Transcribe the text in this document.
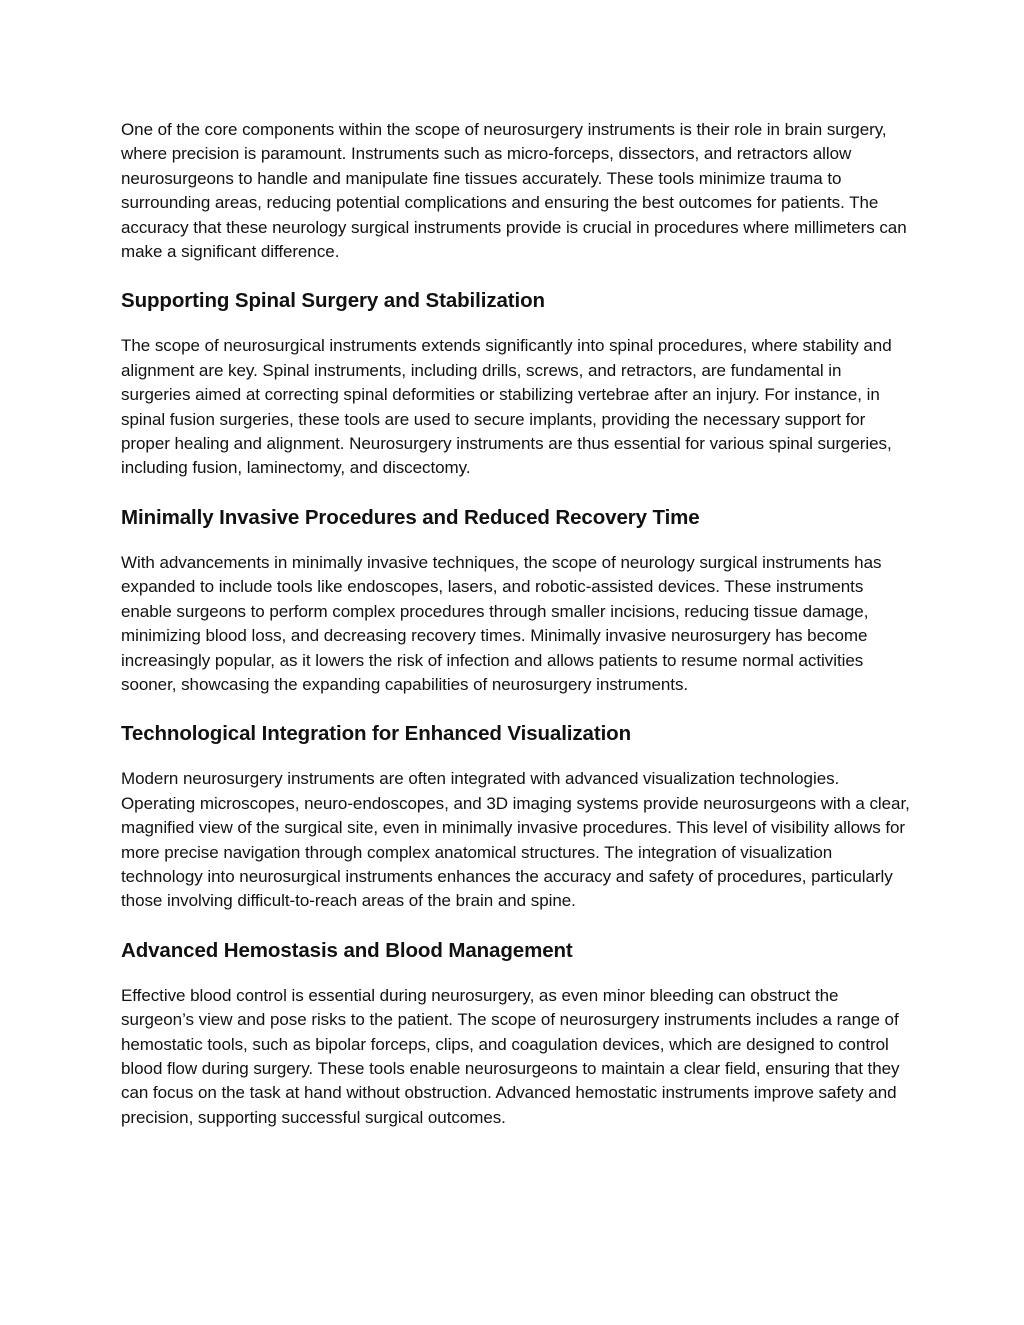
One of the core components within the scope of neurosurgery instruments is their role in brain surgery, where precision is paramount. Instruments such as micro-forceps, dissectors, and retractors allow neurosurgeons to handle and manipulate fine tissues accurately. These tools minimize trauma to surrounding areas, reducing potential complications and ensuring the best outcomes for patients. The accuracy that these neurology surgical instruments provide is crucial in procedures where millimeters can make a significant difference.

Supporting Spinal Surgery and Stabilization

The scope of neurosurgical instruments extends significantly into spinal procedures, where stability and alignment are key. Spinal instruments, including drills, screws, and retractors, are fundamental in surgeries aimed at correcting spinal deformities or stabilizing vertebrae after an injury. For instance, in spinal fusion surgeries, these tools are used to secure implants, providing the necessary support for proper healing and alignment. Neurosurgery instruments are thus essential for various spinal surgeries, including fusion, laminectomy, and discectomy.

Minimally Invasive Procedures and Reduced Recovery Time

With advancements in minimally invasive techniques, the scope of neurology surgical instruments has expanded to include tools like endoscopes, lasers, and robotic-assisted devices. These instruments enable surgeons to perform complex procedures through smaller incisions, reducing tissue damage, minimizing blood loss, and decreasing recovery times. Minimally invasive neurosurgery has become increasingly popular, as it lowers the risk of infection and allows patients to resume normal activities sooner, showcasing the expanding capabilities of neurosurgery instruments.

Technological Integration for Enhanced Visualization

Modern neurosurgery instruments are often integrated with advanced visualization technologies. Operating microscopes, neuro-endoscopes, and 3D imaging systems provide neurosurgeons with a clear, magnified view of the surgical site, even in minimally invasive procedures. This level of visibility allows for more precise navigation through complex anatomical structures. The integration of visualization technology into neurosurgical instruments enhances the accuracy and safety of procedures, particularly those involving difficult-to-reach areas of the brain and spine.

Advanced Hemostasis and Blood Management

Effective blood control is essential during neurosurgery, as even minor bleeding can obstruct the surgeon’s view and pose risks to the patient. The scope of neurosurgery instruments includes a range of hemostatic tools, such as bipolar forceps, clips, and coagulation devices, which are designed to control blood flow during surgery. These tools enable neurosurgeons to maintain a clear field, ensuring that they can focus on the task at hand without obstruction. Advanced hemostatic instruments improve safety and precision, supporting successful surgical outcomes.
